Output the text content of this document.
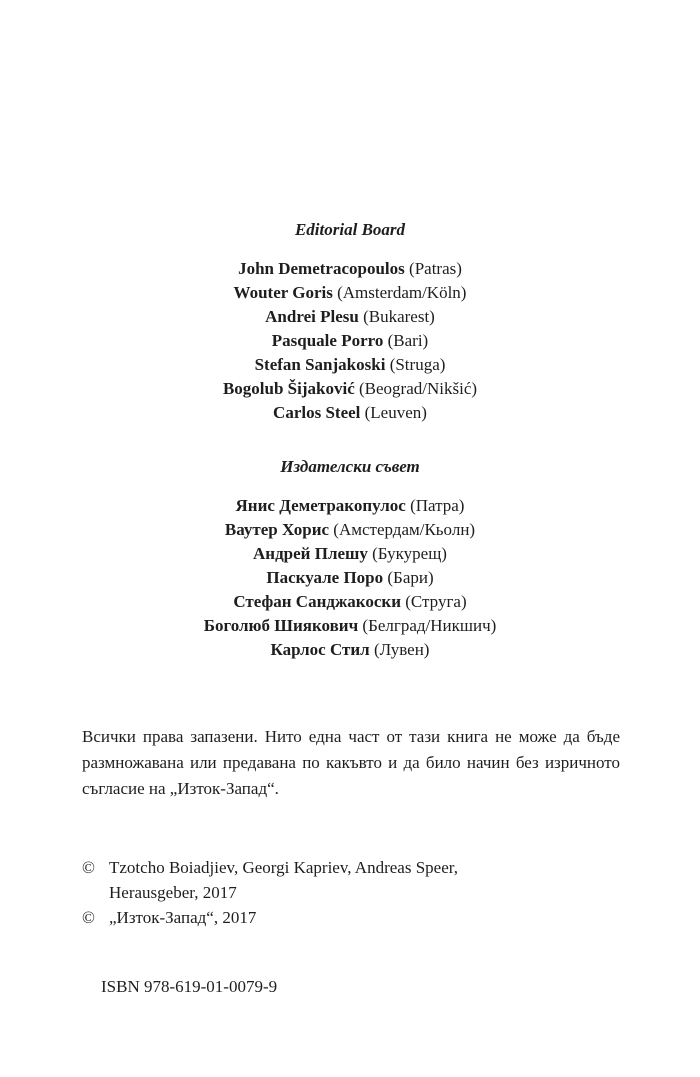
Editorial Board
John Demetracopoulos (Patras)
Wouter Goris (Amsterdam/Köln)
Andrei Plesu (Bukarest)
Pasquale Porro (Bari)
Stefan Sanjakoski (Struga)
Bogolub Šijaković (Beograd/Nikšić)
Carlos Steel (Leuven)
Издателски съвет
Янис Деметракопулос (Патра)
Ваутер Хорис (Амстердам/Кьолн)
Андрей Плешу (Букурещ)
Паскуале Поро (Бари)
Стефан Санджакоски (Струга)
Боголюб Шиякович (Белград/Никшич)
Карлос Стил (Лувен)

Всички права запазени. Нито една част от тази книга не може да бъде размножавана или предавана по какъвто и да било начин без изричното съгласие на „Изток-Запад“.

© Tzotcho Boiadjiev, Georgi Kapriev, Andreas Speer,
Herausgeber, 2017
© „Изток-Запад“, 2017

ISBN 978-619-01-0079-9
